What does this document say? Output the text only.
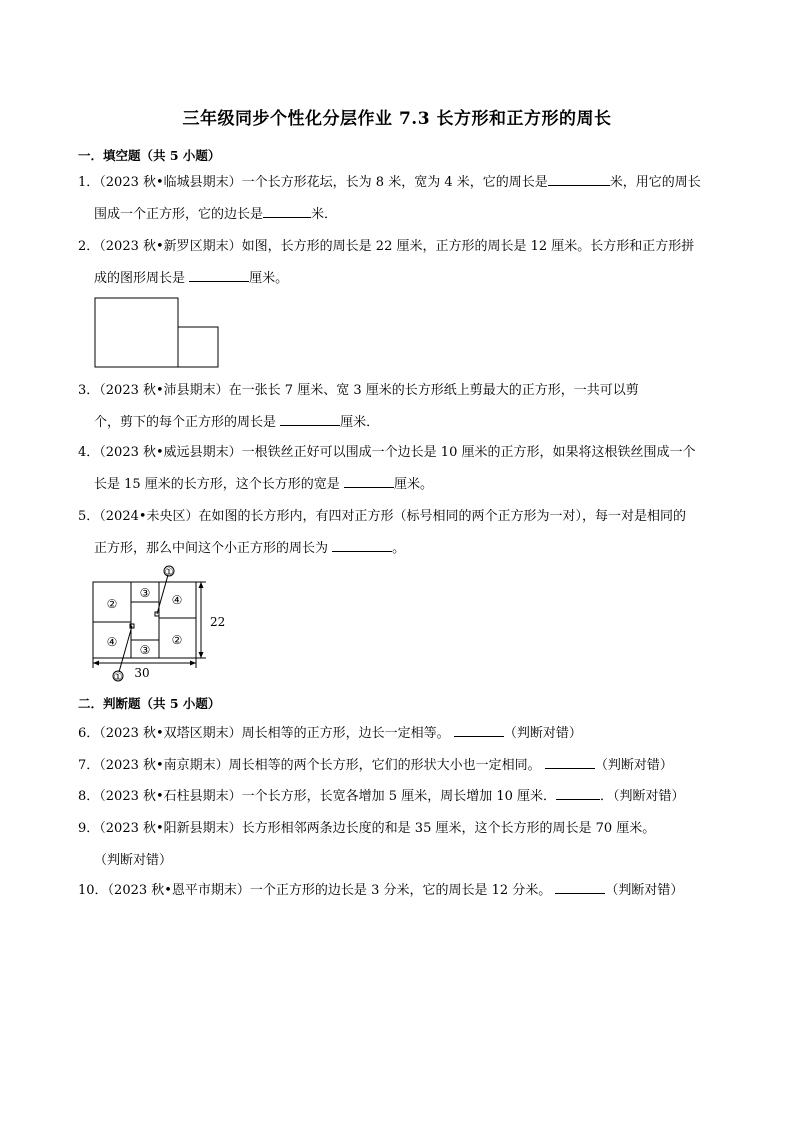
三年级同步个性化分层作业 7.3 长方形和正方形的周长
一．填空题（共 5 小题）
1．（2023 秋•临城县期末）一个长方形花坛，长为 8 米，宽为 4 米，它的周长是	米，用它的周长
围成一个正方形，它的边长是	米．
2．（2023 秋•新罗区期末）如图，长方形的周长是 22 厘米，正方形的周长是 12 厘米。长方形和正方形拼
成的图形周长是	厘米。
3．（2023 秋•沛县期末）在一张长 7 厘米、宽 3 厘米的长方形纸上剪最大的正方形，一共可以剪
个，剪下的每个正方形的周长是	厘米．
4．（2023 秋•威远县期末）一根铁丝正好可以围成一个边长是 10 厘米的正方形，如果将这根铁丝围成一个
长是 15 厘米的长方形，这个长方形的宽是	厘米。
5．（2024•未央区）在如图的长方形内，有四对正方形（标号相同的两个正方形为一对），每一对是相同的
正方形，那么中间这个小正方形的周长为	。
②
③ ④
④
③
②
①
①
22
30
二．判断题（共 5 小题）
6．（2023 秋•双塔区期末）周长相等的正方形，边长一定相等。	（判断对错）
7．（2023 秋•南京期末）周长相等的两个长方形，它们的形状大小也一定相同。	（判断对错）
8．（2023 秋•石柱县期末）一个长方形，长宽各增加 5 厘米，周长增加 10 厘米．	．（判断对错）
9．（2023 秋•阳新县期末）长方形相邻两条边长度的和是 35 厘米，这个长方形的周长是 70 厘米。
（判断对错）
10．（2023 秋•恩平市期末）一个正方形的边长是 3 分米，它的周长是 12 分米。	（判断对错）
